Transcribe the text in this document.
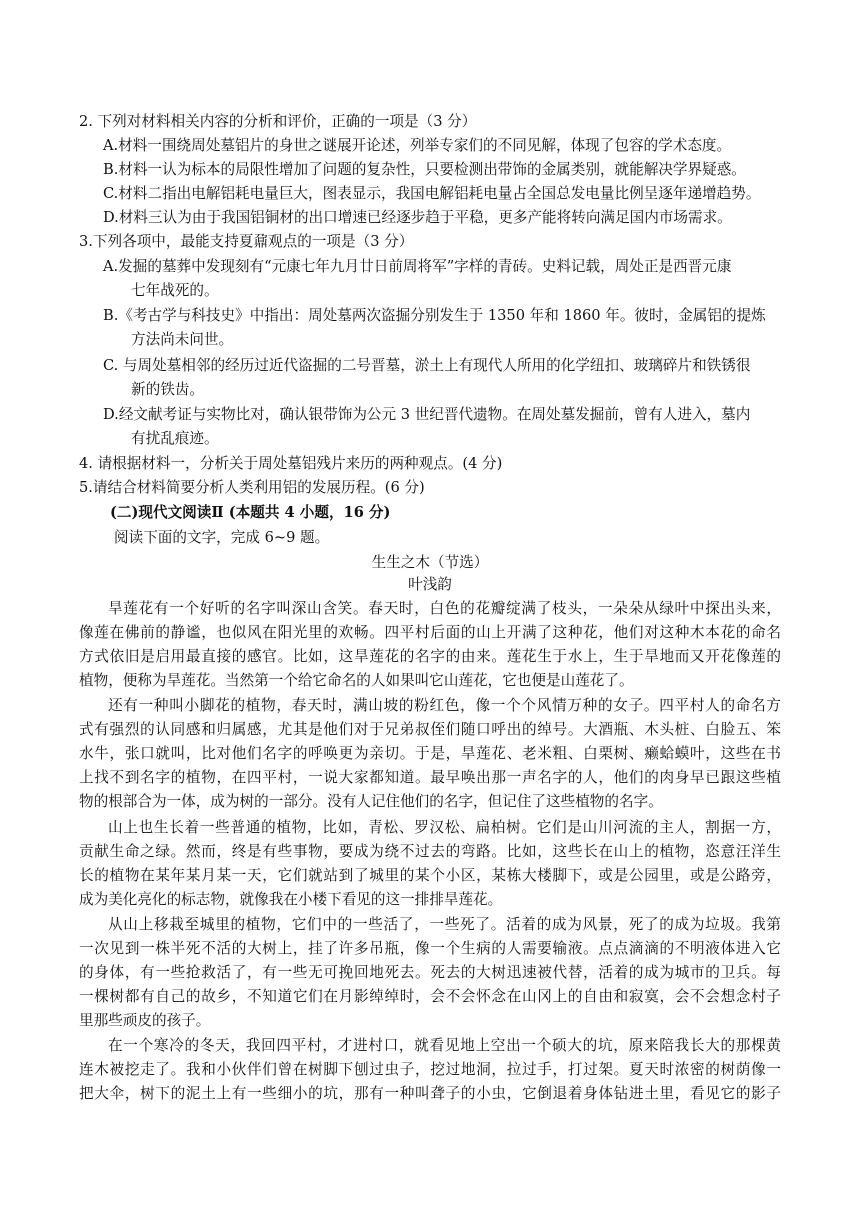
2. 下列对材料相关内容的分析和评价，正确的一项是（3 分）
A.材料一围绕周处墓铝片的身世之谜展开论述，列举专家们的不同见解，体现了包容的学术态度。
B.材料一认为标本的局限性增加了问题的复杂性，只要检测出带饰的金属类别，就能解决学界疑惑。
C.材料二指出电解铝耗电量巨大，图表显示，我国电解铝耗电量占全国总发电量比例呈逐年递增趋势。
D.材料三认为由于我国铝铜材的出口增速已经逐步趋于平稳，更多产能将转向满足国内市场需求。
3.下列各项中，最能支持夏鼐观点的一项是（3 分）
A.发掘的墓葬中发现刻有“元康七年九月廿日前周将军”字样的青砖。史料记载，周处正是西晋元康
七年战死的。
B.《考古学与科技史》中指出：周处墓两次盗掘分别发生于 1350 年和 1860 年。彼时，金属铝的提炼
方法尚未问世。
C. 与周处墓相邻的经历过近代盗掘的二号晋墓，淤土上有现代人所用的化学纽扣、玻璃碎片和铁锈很
新的铁齿。
D.经文献考证与实物比对，确认银带饰为公元 3 世纪晋代遗物。在周处墓发掘前，曾有人进入，墓内
有扰乱痕迹。
4. 请根据材料一，分析关于周处墓铝残片来历的两种观点。(4 分)
5.请结合材料简要分析人类利用铝的发展历程。(6 分)
(二)现代文阅读Ⅱ (本题共 4 小题，16 分)
阅读下面的文字，完成 6~9 题。
生生之木（节选）
叶浅韵
旱莲花有一个好听的名字叫深山含笑。春天时，白色的花瓣绽满了枝头，一朵朵从绿叶中探出头来，
像莲在佛前的静谧，也似风在阳光里的欢畅。四平村后面的山上开满了这种花，他们对这种木本花的命名
方式依旧是启用最直接的感官。比如，这旱莲花的名字的由来。莲花生于水上，生于旱地而又开花像莲的
植物，便称为旱莲花。当然第一个给它命名的人如果叫它山莲花，它也便是山莲花了。
还有一种叫小脚花的植物，春天时，满山坡的粉红色，像一个个风情万种的女子。四平村人的命名方
式有强烈的认同感和归属感，尤其是他们对于兄弟叔侄们随口呼出的绰号。大酒瓶、木头桩、白脸五、笨
水牛，张口就叫，比对他们名字的呼唤更为亲切。于是，旱莲花、老米粗、白栗树、癞蛤蟆叶，这些在书
上找不到名字的植物，在四平村，一说大家都知道。最早唤出那一声名字的人，他们的肉身早已跟这些植
物的根部合为一体，成为树的一部分。没有人记住他们的名字，但记住了这些植物的名字。
山上也生长着一些普通的植物，比如，青松、罗汉松、扁柏树。它们是山川河流的主人，割据一方，
贡献生命之绿。然而，终是有些事物，要成为绕不过去的弯路。比如，这些长在山上的植物，恣意汪洋生
长的植物在某年某月某一天，它们就站到了城里的某个小区，某栋大楼脚下，或是公园里，或是公路旁，
成为美化亮化的标志物，就像我在小楼下看见的这一排排旱莲花。
从山上移栽至城里的植物，它们中的一些活了，一些死了。活着的成为风景，死了的成为垃圾。我第
一次见到一株半死不活的大树上，挂了许多吊瓶，像一个生病的人需要输液。点点滴滴的不明液体进入它
的身体，有一些抢救活了，有一些无可挽回地死去。死去的大树迅速被代替，活着的成为城市的卫兵。每
一棵树都有自己的故乡，不知道它们在月影绰绰时，会不会怀念在山冈上的自由和寂寞，会不会想念村子
里那些顽皮的孩子。
在一个寒冷的冬天，我回四平村，才进村口，就看见地上空出一个硕大的坑，原来陪我长大的那棵黄
连木被挖走了。我和小伙伴们曾在树脚下刨过虫子，挖过地洞，拉过手，打过架。夏天时浓密的树荫像一
把大伞，树下的泥土上有一些细小的坑，那有一种叫聋子的小虫，它倒退着身体钻进土里，看见它的影子
